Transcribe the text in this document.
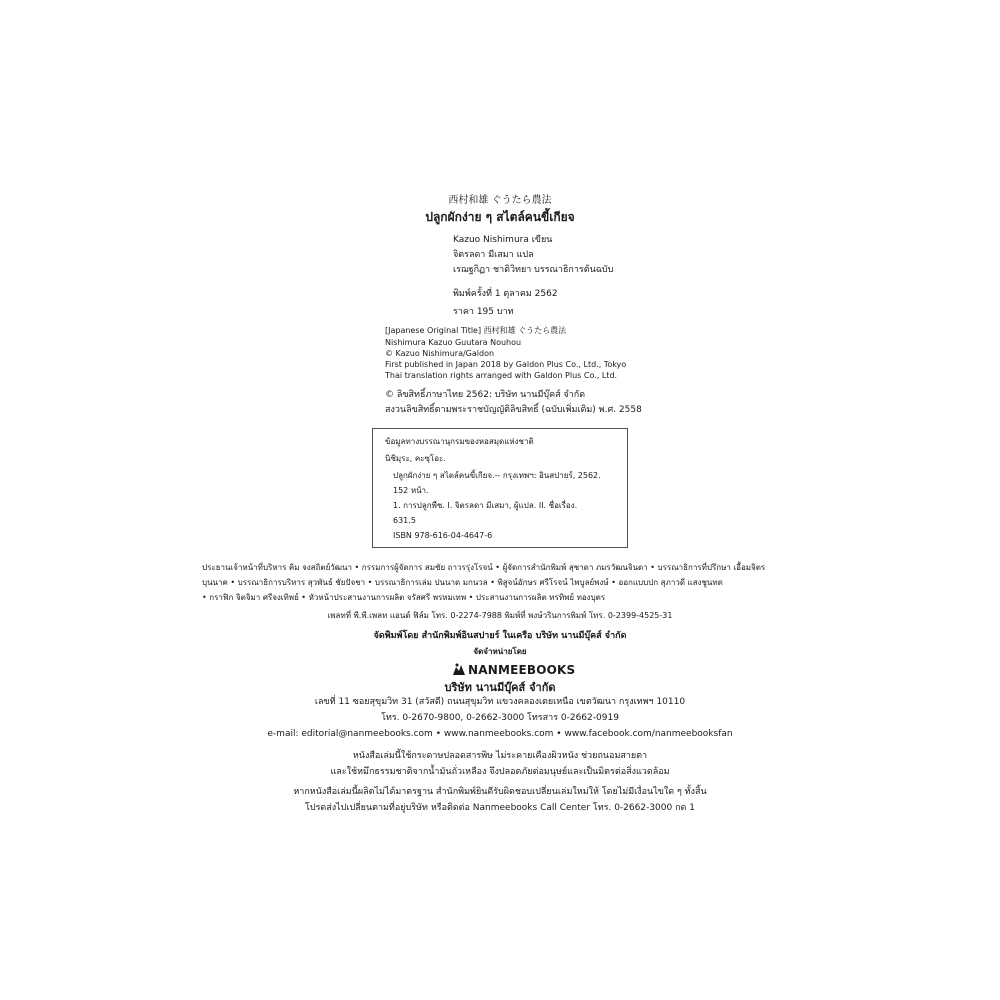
西村和雄 ぐうたら農法
ปลูกผักง่าย ๆ สไตล์คนขี้เกียจ
Kazuo Nishimura เขียน
จิตรลดา มีเสมา แปล
เรฌฐกิฏา ชาติวิทยา บรรณาธิการต้นฉบับ
พิมพ์ครั้งที่ 1 ตุลาคม 2562
ราคา 195 บาท
[Japanese Original Title] 西村和雄 ぐうたら農法
Nishimura Kazuo Guutara Nouhou
© Kazuo Nishimura/Galdon
First published in Japan 2018 by Galdon Plus Co., Ltd., Tokyo
Thai translation rights arranged with Galdon Plus Co., Ltd.
© ลิขสิทธิ์ภาษาไทย 2562: บริษัท นานมีบุ๊คส์ จำกัด
สงวนลิขสิทธิ์ตามพระราชบัญญัติลิขสิทธิ์ (ฉบับเพิ่มเติม) พ.ศ. 2558
ข้อมูลทางบรรณานุกรมของหอสมุดแห่งชาติ
นิชิมุระ, คะซุโอะ.
ปลูกผักง่าย ๆ สไตล์คนขี้เกียจ.-- กรุงเทพฯ: อินสปายร์, 2562.
152 หน้า.
1. การปลูกพืช. I. จิตรลดา มีเสมา, ผู้แปล. II. ชื่อเรื่อง.
631.5
ISBN 978-616-04-4647-6
ประธานเจ้าหน้าที่บริหาร คิม จงสถิตย์วัฒนา • กรรมการผู้จัดการ สมชัย ถาวรรุ่งโรจน์ • ผู้จัดการสำนักพิมพ์ สุชาดา ภมรวัฒนจินดา • บรรณาธิการที่ปรึกษา เอื้อมจิตร
บุนนาค • บรรณาธิการบริหาร สุวพันธ์ ชัยปัจชา • บรรณาธิการเล่ม ปนนาด มกนวล • พิสูจน์อักษร ศรีโรจน์ ไพบูลย์พงษ์ • ออกแบบปก สุภาวดี แสงชูนทด
• กราฟิก จิตจิมา ศรีจงเทิพย์ • หัวหน้าประสานงานการผลิต จรัสศรี พรหมเทพ • ประสานงานการผลิต ทรทิพย์ ทองบุตร
เพลทที่ พี.พี.เพลท แอนด์ ฟิล์ม โทร. 0-2274-7988 พิมพ์ที่ พงษ์วรินการพิมพ์ โทร. 0-2399-4525-31
จัดพิมพ์โดย สำนักพิมพ์อินสปายร์ ในเครือ บริษัท นานมีบุ๊คส์ จำกัด
จัดจำหน่ายโดย
NANMEEBOOKS
บริษัท นานมีบุ๊คส์ จำกัด
เลขที่ 11 ซอยสุขุมวิท 31 (สวัสดี) ถนนสุขุมวิท แขวงคลองเตยเหนือ เขตวัฒนา กรุงเทพฯ 10110
โทร. 0-2670-9800, 0-2662-3000 โทรสาร 0-2662-0919
e-mail: editorial@nanmeebooks.com • www.nanmeebooks.com • www.facebook.com/nanmeebooksfan
หนังสือเล่มนี้ใช้กระดาษปลอดสารพิษ ไม่ระคายเคืองผิวหนัง ช่วยถนอมสายตา
และใช้หมึกธรรมชาติจากน้ำมันถั่วเหลือง จึงปลอดภัยต่อมนุษย์และเป็นมิตรต่อสิ่งแวดล้อม
หากหนังสือเล่มนี้ผลิตไม่ได้มาตรฐาน สำนักพิมพ์ยินดีรับผิดชอบเปลี่ยนเล่มใหม่ให้ โดยไม่มีเงื่อนไขใด ๆ ทั้งสิ้น
โปรดส่งไปเปลี่ยนตามที่อยู่บริษัท หรือติดต่อ Nanmeebooks Call Center โทร. 0-2662-3000 กด 1
